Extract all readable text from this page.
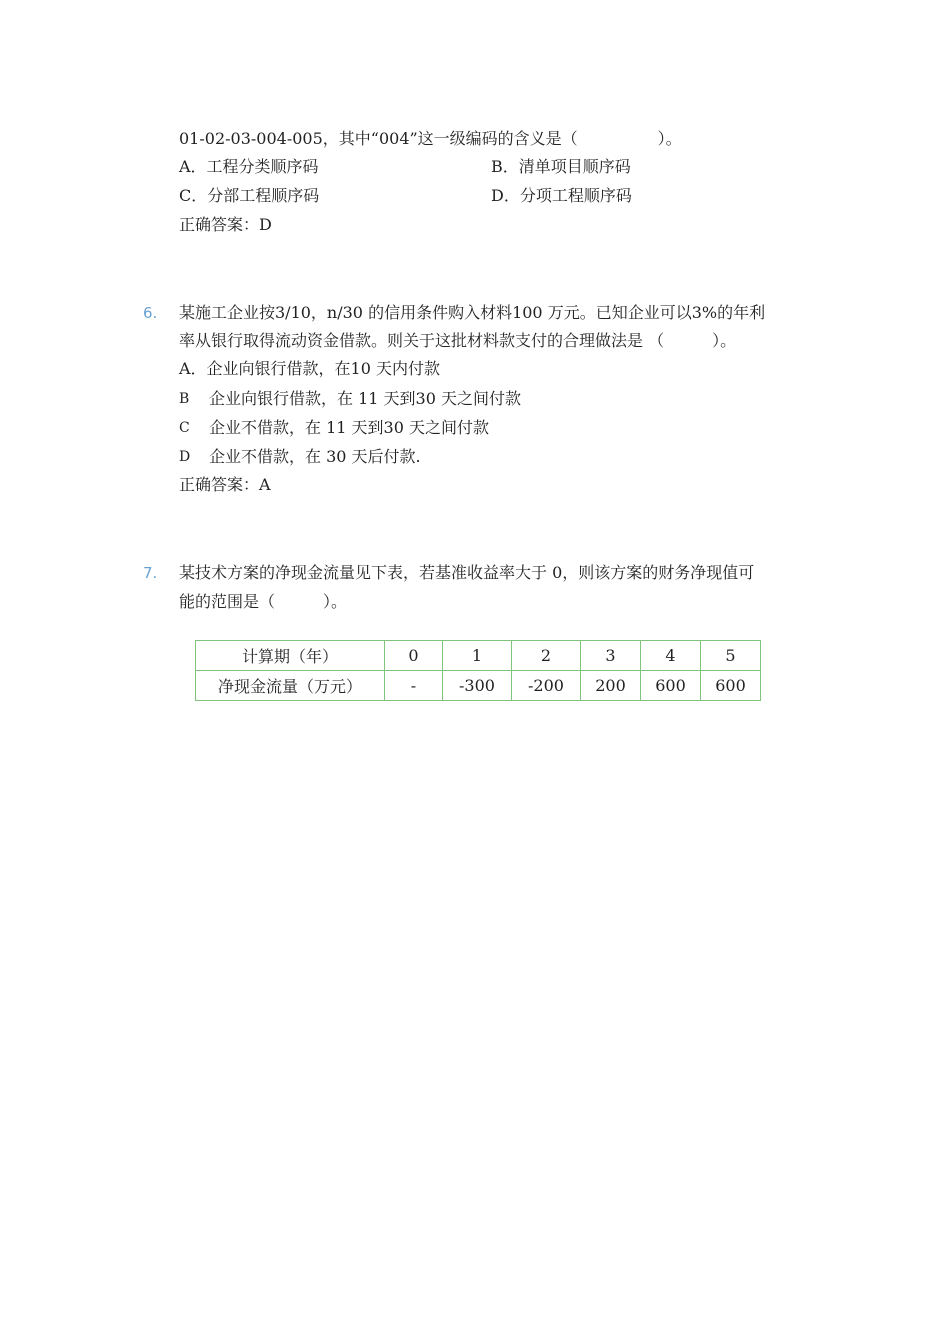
01-02-03-004-005，其中“004”这一级编码的含义是（　　　　　）。
A．工程分类顺序码	B．清单项目顺序码
C．分部工程顺序码	D．分项工程顺序码
正确答案：D
6. 某施工企业按3/10，n/30 的信用条件购入材料100 万元。已知企业可以3%的年利
率从银行取得流动资金借款。则关于这批材料款支付的合理做法是 （　　　）。
A．企业向银行借款，在10 天内付款
B 企业向银行借款，在 11 天到30 天之间付款
C 企业不借款，在 11 天到30 天之间付款
D 企业不借款，在 30 天后付款.
正确答案：A
7. 某技术方案的净现金流量见下表，若基准收益率大于 0，则该方案的财务净现值可
能的范围是（　　　）。
计算期（年）	0	1	2	3	4	5
净现金流量（万元）	-	-300	-200	200	600	600
